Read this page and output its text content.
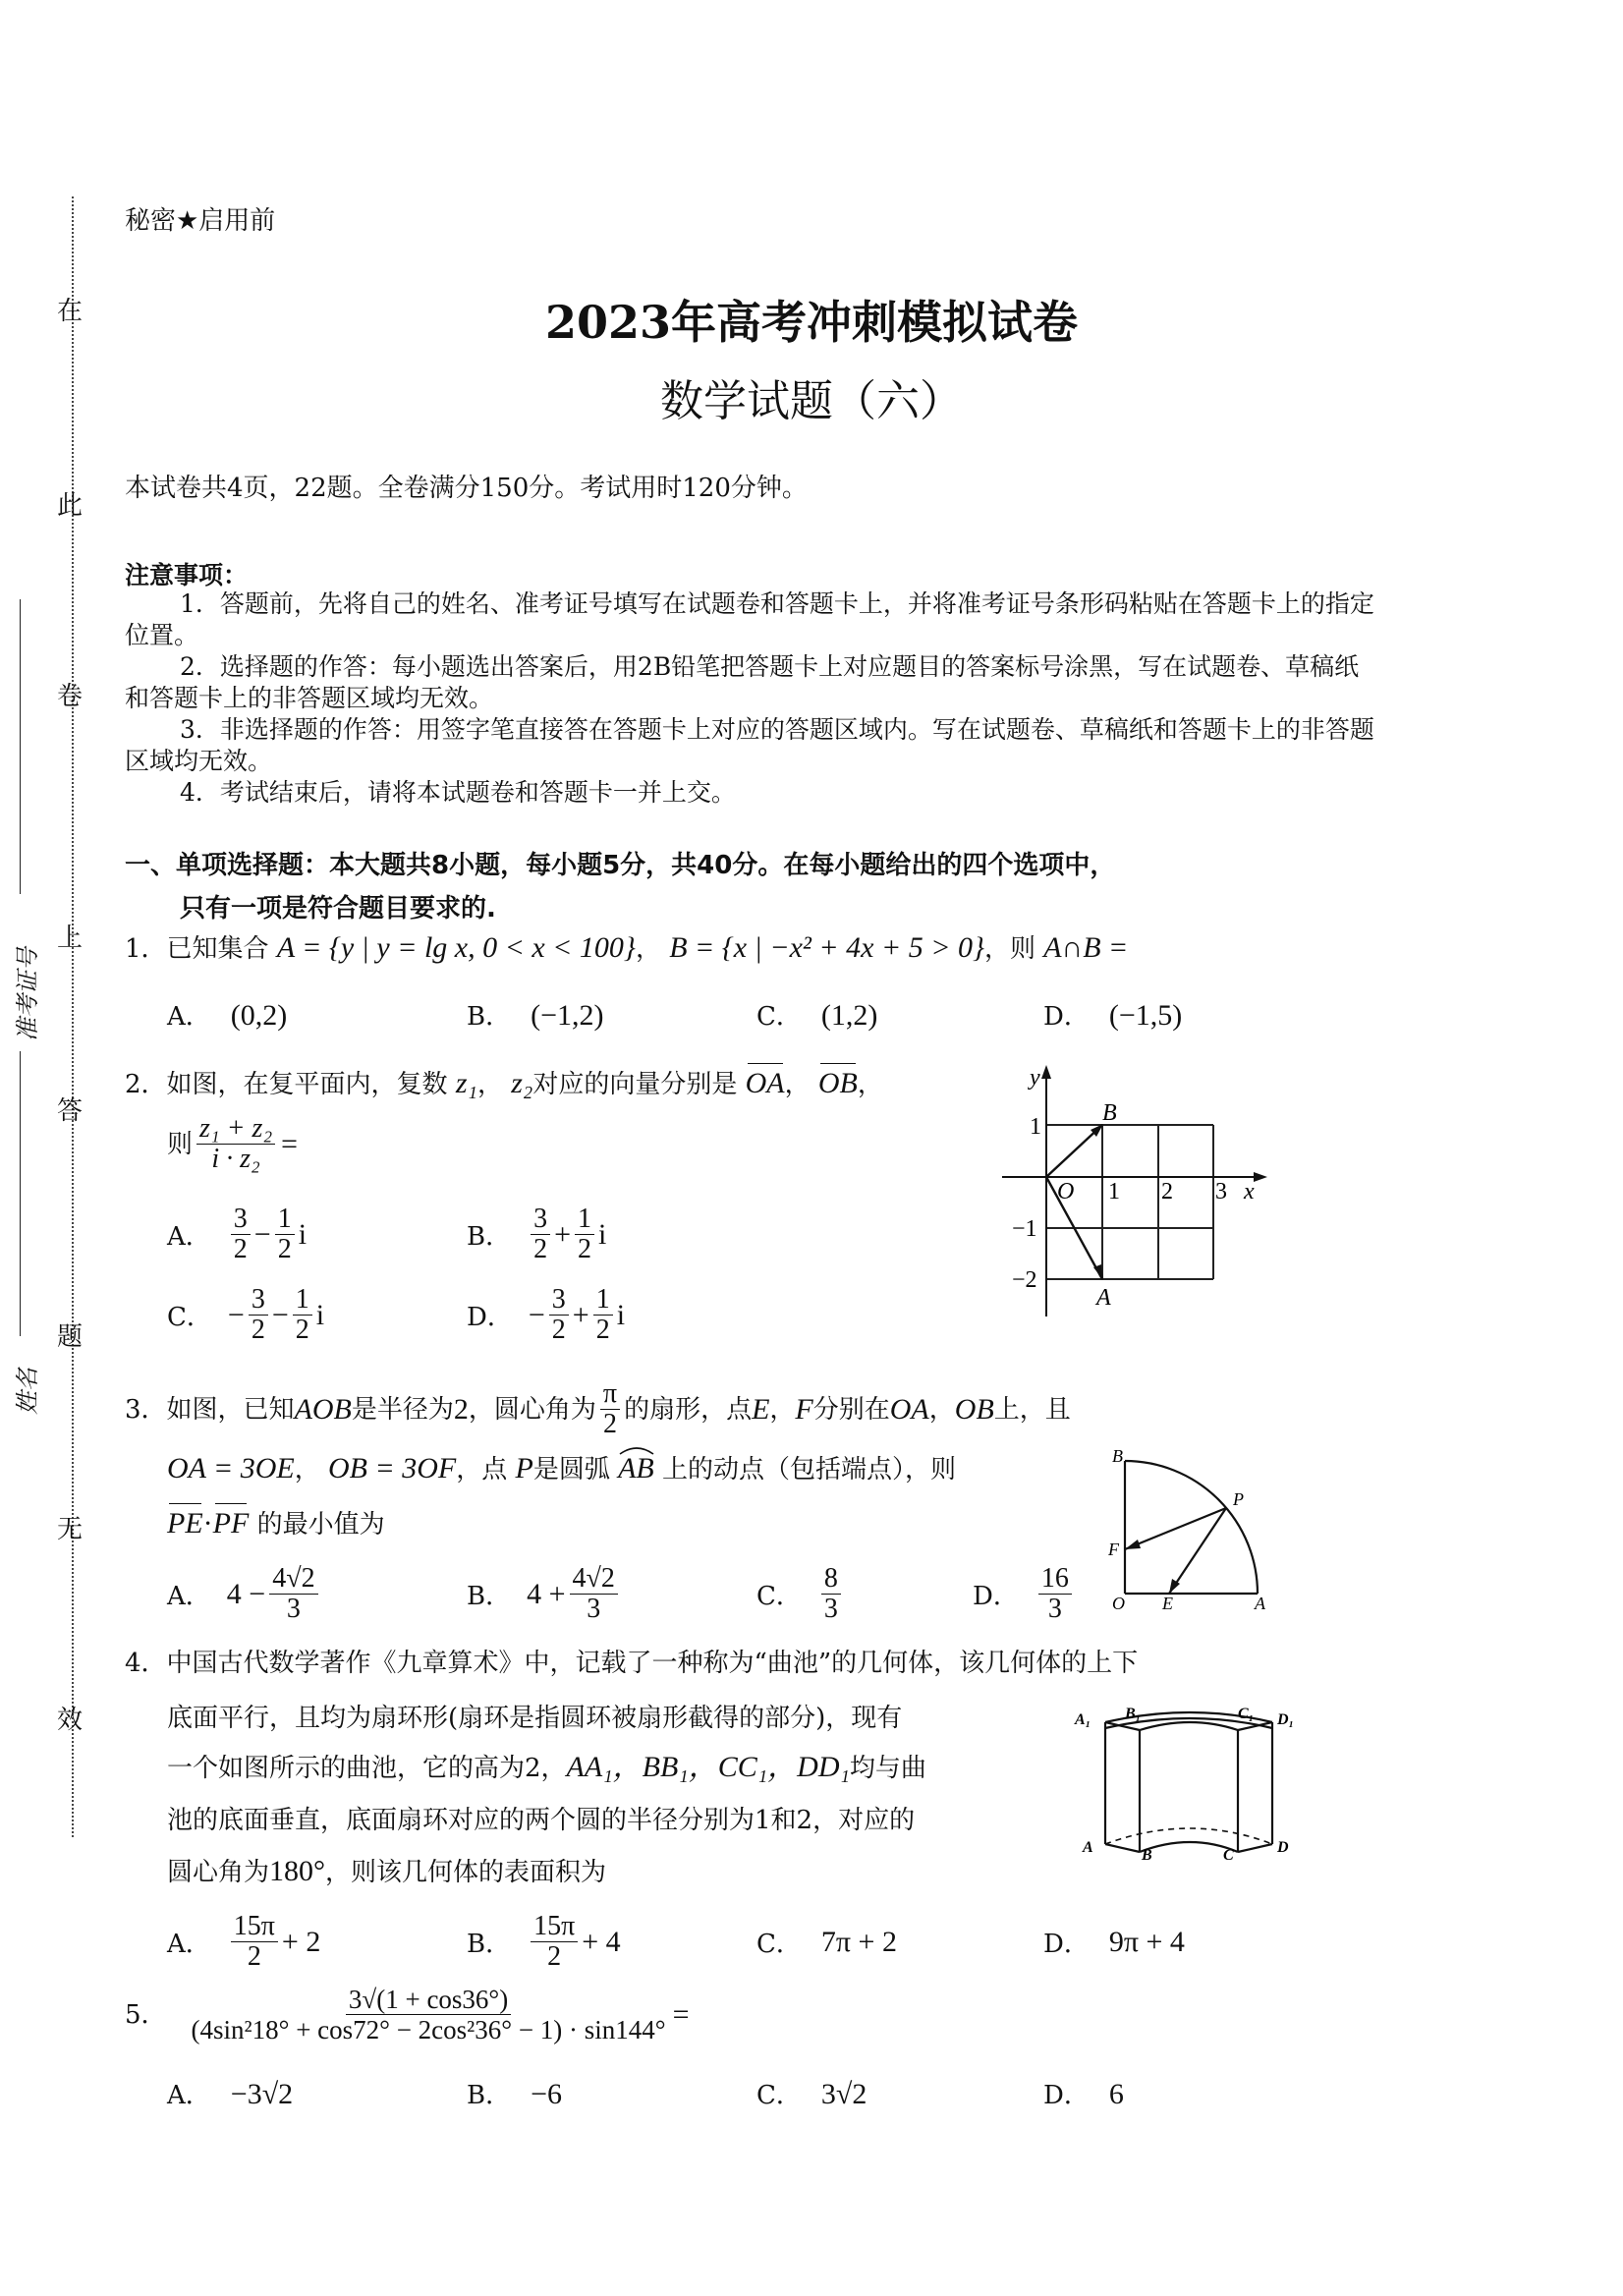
在
此
卷
上
答
题
无
效
准考证号
姓名
秘密★启用前
2023年高考冲刺模拟试卷
数学试题（六）
本试卷共4页，22题。全卷满分150分。考试用时120分钟。
注意事项：
1．答题前，先将自己的姓名、准考证号填写在试题卷和答题卡上，并将准考证号条形码粘贴在答题卡上的指定
位置。
2．选择题的作答：每小题选出答案后，用2B铅笔把答题卡上对应题目的答案标号涂黑，写在试题卷、草稿纸
和答题卡上的非答题区域均无效。
3．非选择题的作答：用签字笔直接答在答题卡上对应的答题区域内。写在试题卷、草稿纸和答题卡上的非答题
区域均无效。
4．考试结束后，请将本试题卷和答题卡一并上交。
一、单项选择题：本大题共8小题，每小题5分，共40分。在每小题给出的四个选项中，
只有一项是符合题目要求的.
1．已知集合 A = {y | y = lg x, 0 < x < 100}， B = {x | −x² + 4x + 5 > 0}，则 A∩B =
A． (0,2)	B． (−1,2)	C． (1,2)	D． (−1,5)
2．如图，在复平面内，复数 z₁， z₂对应的向量分别是 OA， OB，
则 $\frac{\text{z₁ + z₂}}{\text{i · z₂}}$ =
A． $\frac{3}{2} - \frac{1}{2}$ i	B． $\frac{3}{2} + \frac{1}{2}$ i
C． − $\frac{3}{2} - \frac{1}{2}$ i	D． − $\frac{3}{2} + \frac{1}{2}$ i
y
x
O
B
A
1 2 3
1
−1
−2
3． 如图，已知 AOB 是半径为 2 ，圆心角为 $\frac{\pi}{2}$ 的扇形，点 E ， F 分别在 OA ， OB 上，且
OA = 3OE， OB = 3OF，点 P是圆弧 AB 上的动点（包括端点），则
PE·PF 的最小值为
A． $4 - \frac{4√2}{3}$	B． $4 + \frac{4√2}{3}$	C． $\frac{8}{3}$	D． $\frac{16}{3}$
B
P
F
O E	A
4．中国古代数学著作《九章算术》中，记载了一种称为“曲池”的几何体，该几何体的上下
底面平行，且均为扇环形(扇环是指圆环被扇形截得的部分)，现有
一个如图所示的曲池，它的高为2，AA₁，BB₁，CC₁，DD₁均与曲
池的底面垂直，底面扇环对应的两个圆的半径分别为1和2，对应的
圆心角为180°，则该几何体的表面积为
A． $\frac{15\pi}{2} + 2$	B． $\frac{15\pi}{2} + 4$	C． 7π + 2	D． 9π + 4
A₁ B₁	C₁ D₁
A	B	C	D
5． $\frac{3√(1 + \cos 36^\circ)}{\text{(4sin²18° + cos72° − 2cos²36° − 1) · sin144°}}$ =
A． −3√2	B． −6	C． 3√2	D． 6
